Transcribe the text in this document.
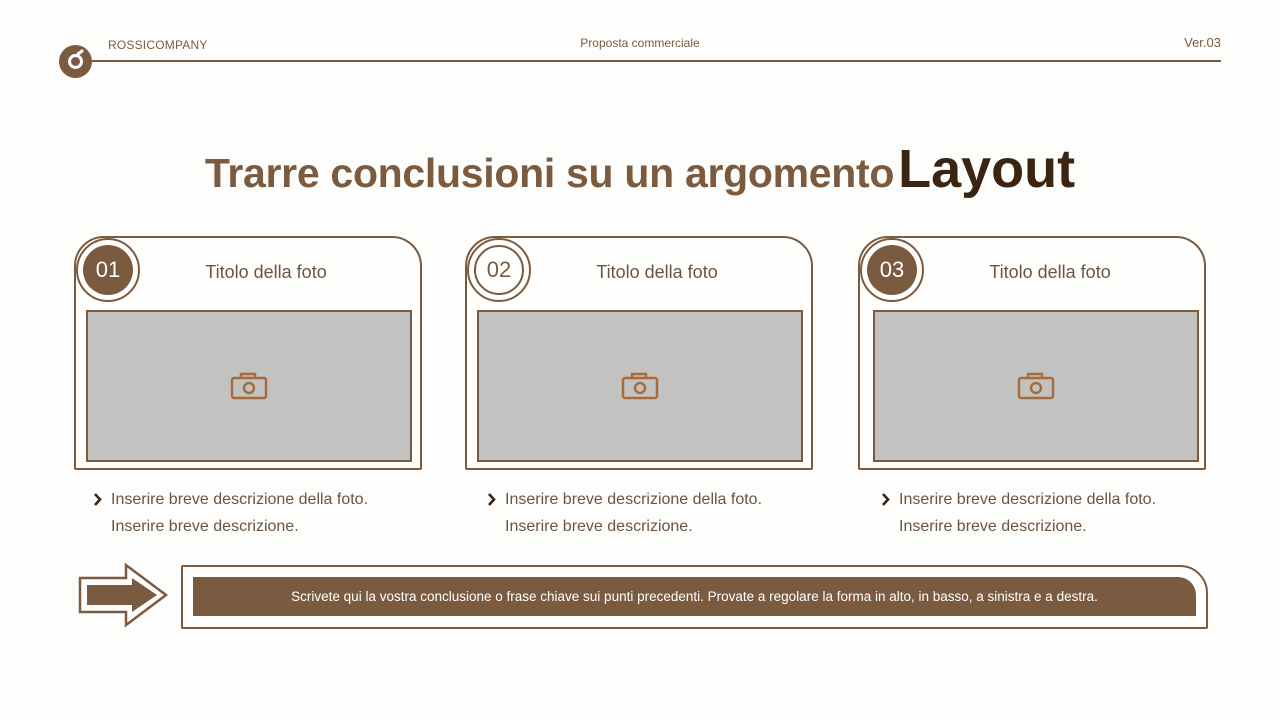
ROSSICOMPANY	Proposta commerciale	Ver.03
Trarre conclusioni su un argomentoLayout
01	Titolo della foto
Inserire breve descrizione della foto.
Inserire breve descrizione.
02	Titolo della foto
Inserire breve descrizione della foto.
Inserire breve descrizione.
03	Titolo della foto
Inserire breve descrizione della foto.
Inserire breve descrizione.
Scrivete qui la vostra conclusione o frase chiave sui punti precedenti. Provate a regolare la forma in alto, in basso, a sinistra e a destra.
